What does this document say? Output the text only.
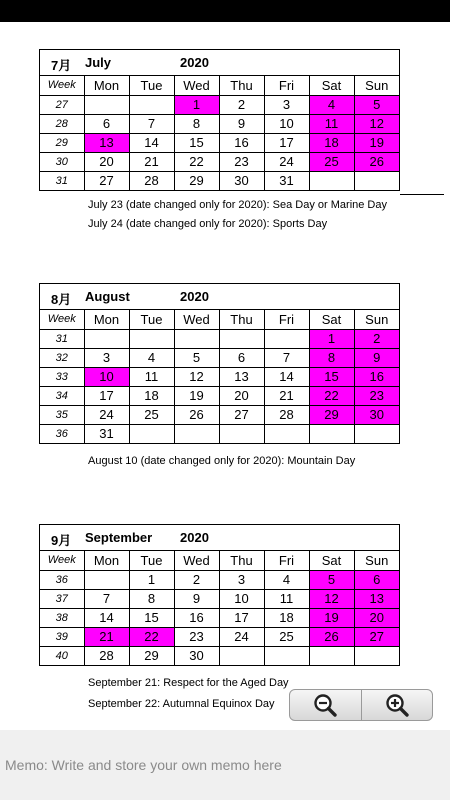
7月 July	2020
Week	Mon	Tue	Wed	Thu	Fri	Sat	Sun
27			1	2	3	4	5
28	6	7	8	9	10	11	12
29	13	14	15	16	17	18	19
30	20	21	22	23	24	25	26
31	27	28	29	30	31		
July 23 (date changed only for 2020): Sea Day or Marine Day
July 24 (date changed only for 2020): Sports Day
8月 August	2020
Week	Mon	Tue	Wed	Thu	Fri	Sat	Sun
31						1	2
32	3	4	5	6	7	8	9
33	10	11	12	13	14	15	16
34	17	18	19	20	21	22	23
35	24	25	26	27	28	29	30
36	31						
August 10 (date changed only for 2020): Mountain Day
9月 September 2020
Week	Mon	Tue	Wed	Thu	Fri	Sat	Sun
36		1	2	3	4	5	6
37	7	8	9	10	11	12	13
38	14	15	16	17	18	19	20
39	21	22	23	24	25	26	27
40	28	29	30				
September 21: Respect for the Aged Day
September 22: Autumnal Equinox Day
Memo: Write and store your own memo here
